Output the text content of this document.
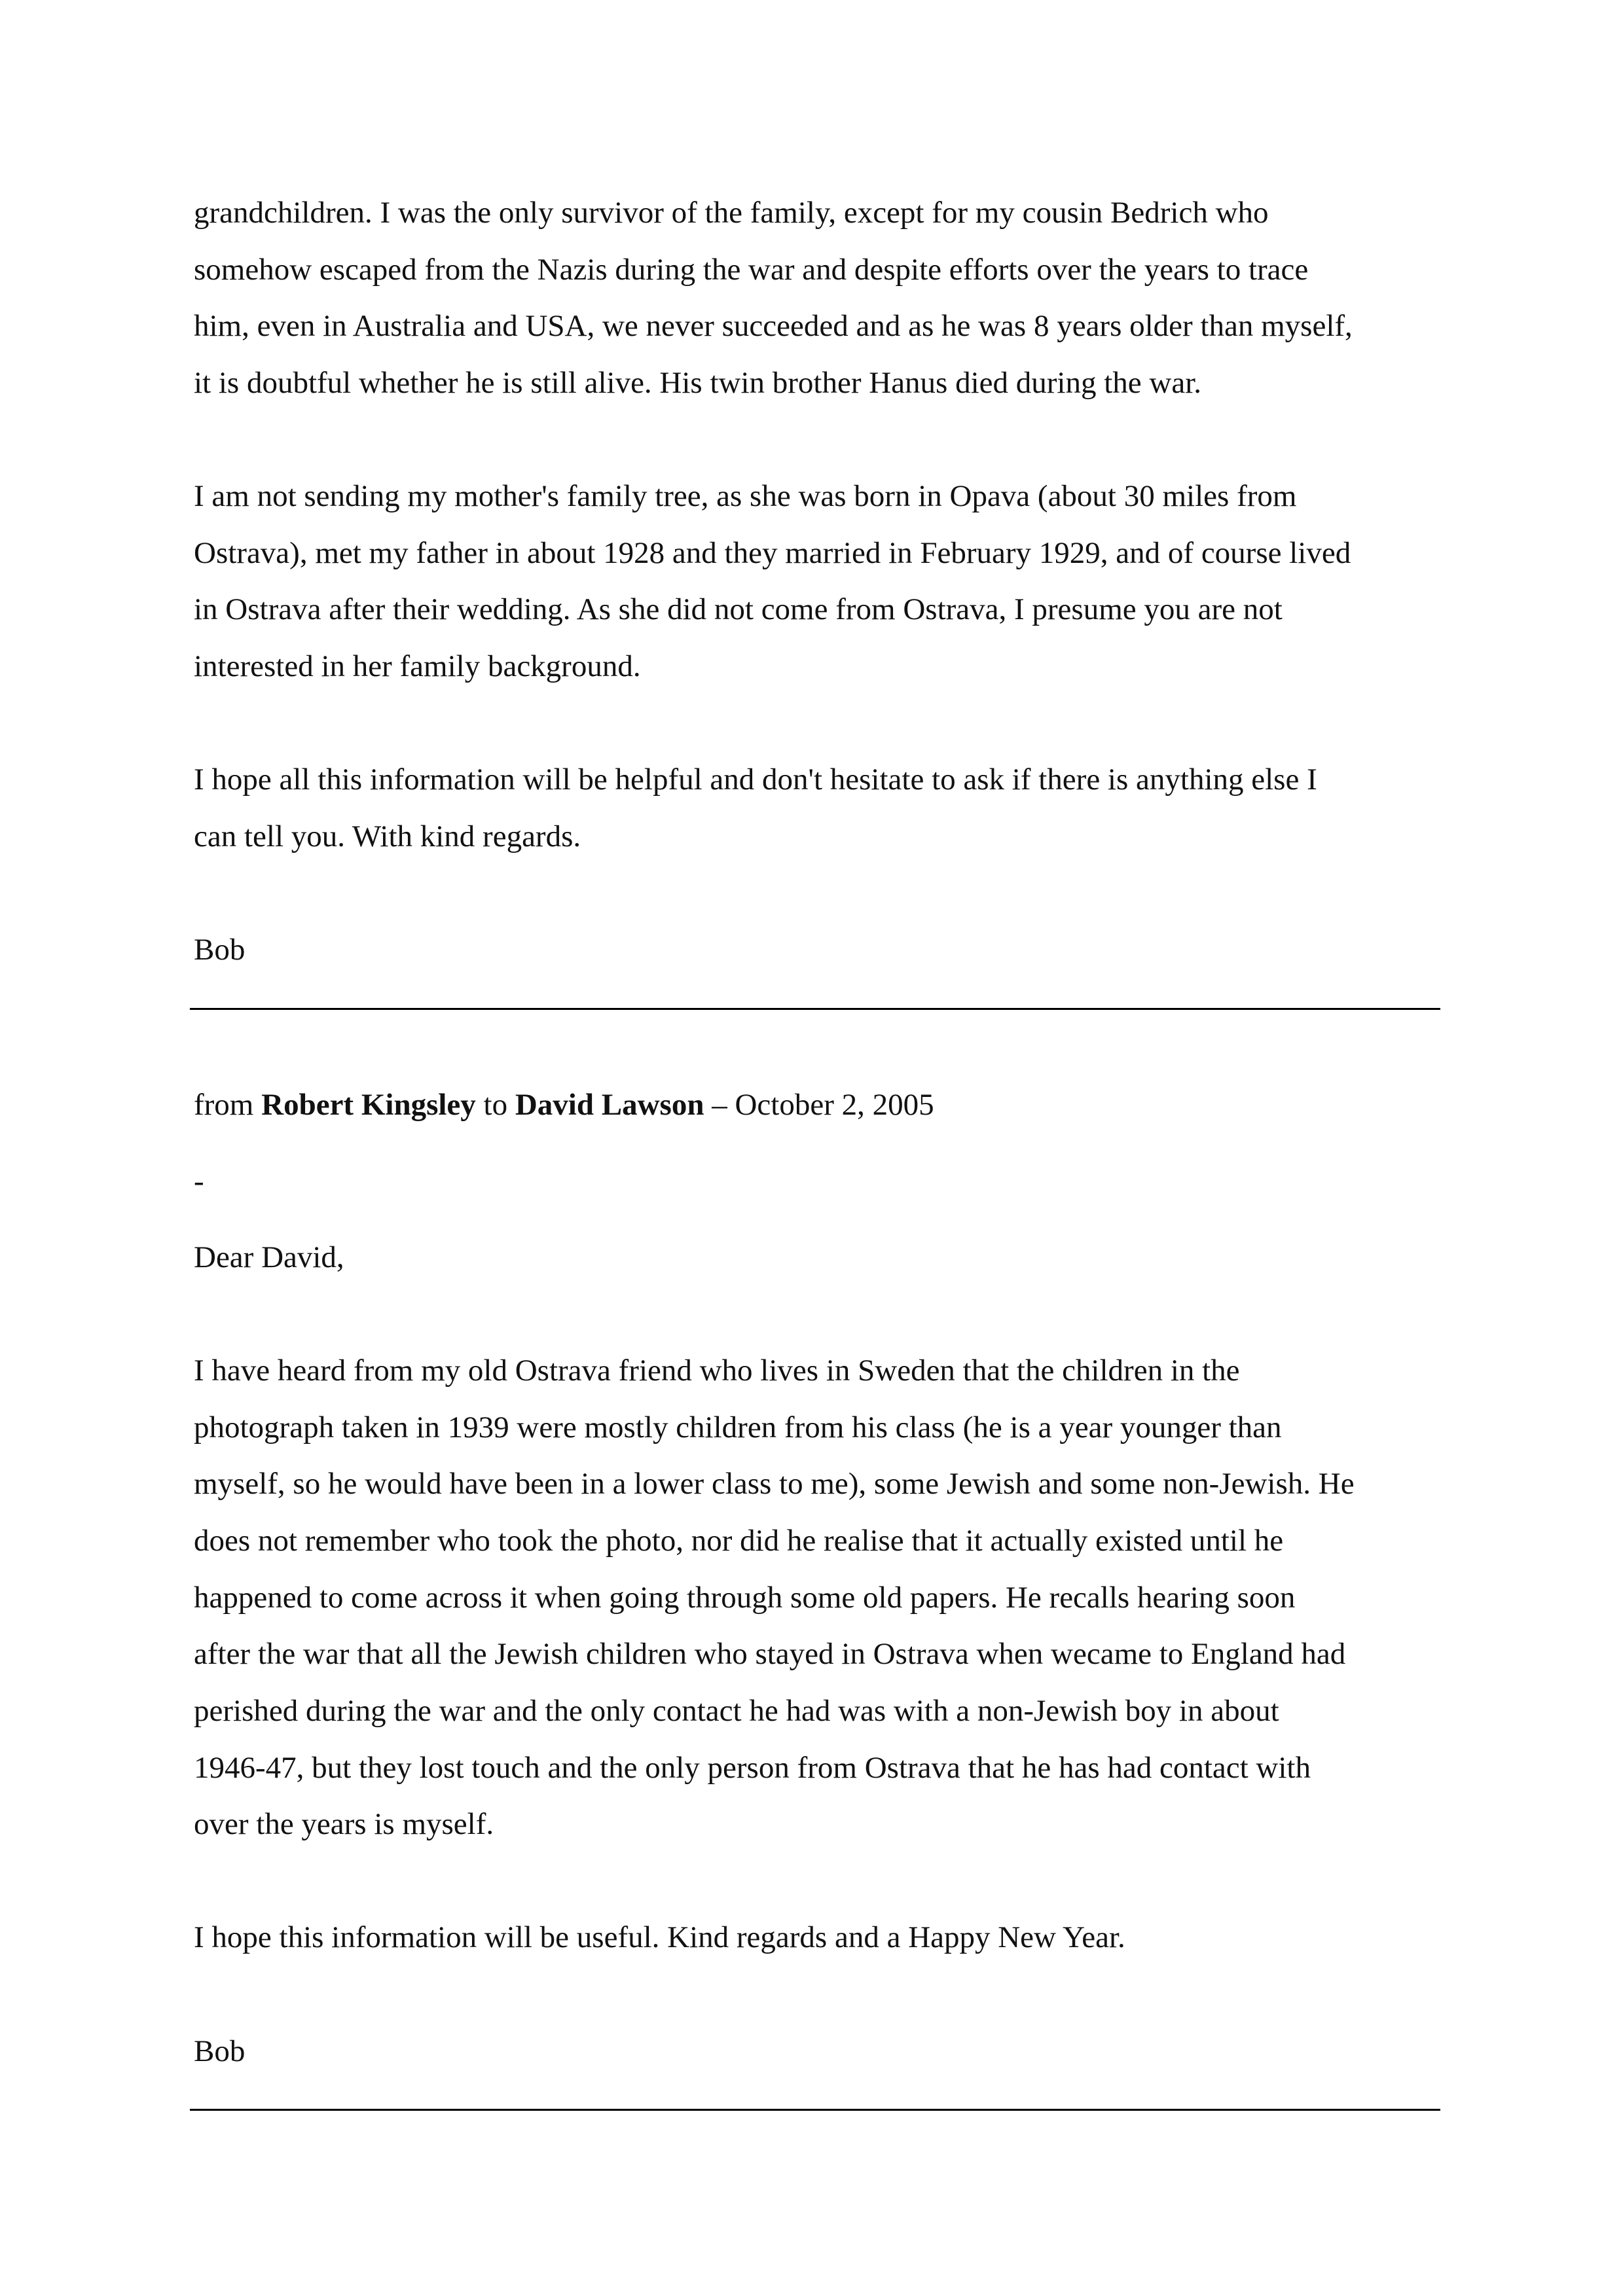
grandchildren. I was the only survivor of the family, except for my cousin Bedrich who

somehow escaped from the Nazis during the war and despite efforts over the years to trace

him, even in Australia and USA, we never succeeded and as he was 8 years older than myself,

it is doubtful whether he is still alive. His twin brother Hanus died during the war.

I am not sending my mother's family tree, as she was born in Opava (about 30 miles from

Ostrava), met my father in about 1928 and they married in February 1929, and of course lived

in Ostrava after their wedding. As she did not come from Ostrava, I presume you are not

interested in her family background.

I hope all this information will be helpful and don't hesitate to ask if there is anything else I

can tell you. With kind regards.

Bob

from Robert Kingsley to David Lawson – October 2, 2005

-

Dear David,

I have heard from my old Ostrava friend who lives in Sweden that the children in the

photograph taken in 1939 were mostly children from his class (he is a year younger than

myself, so he would have been in a lower class to me), some Jewish and some non-Jewish. He

does not remember who took the photo, nor did he realise that it actually existed until he

happened to come across it when going through some old papers. He recalls hearing soon

after the war that all the Jewish children who stayed in Ostrava when wecame to England had

perished during the war and the only contact he had was with a non-Jewish boy in about

1946-47, but they lost touch and the only person from Ostrava that he has had contact with

over the years is myself.

I hope this information will be useful. Kind regards and a Happy New Year.

Bob
